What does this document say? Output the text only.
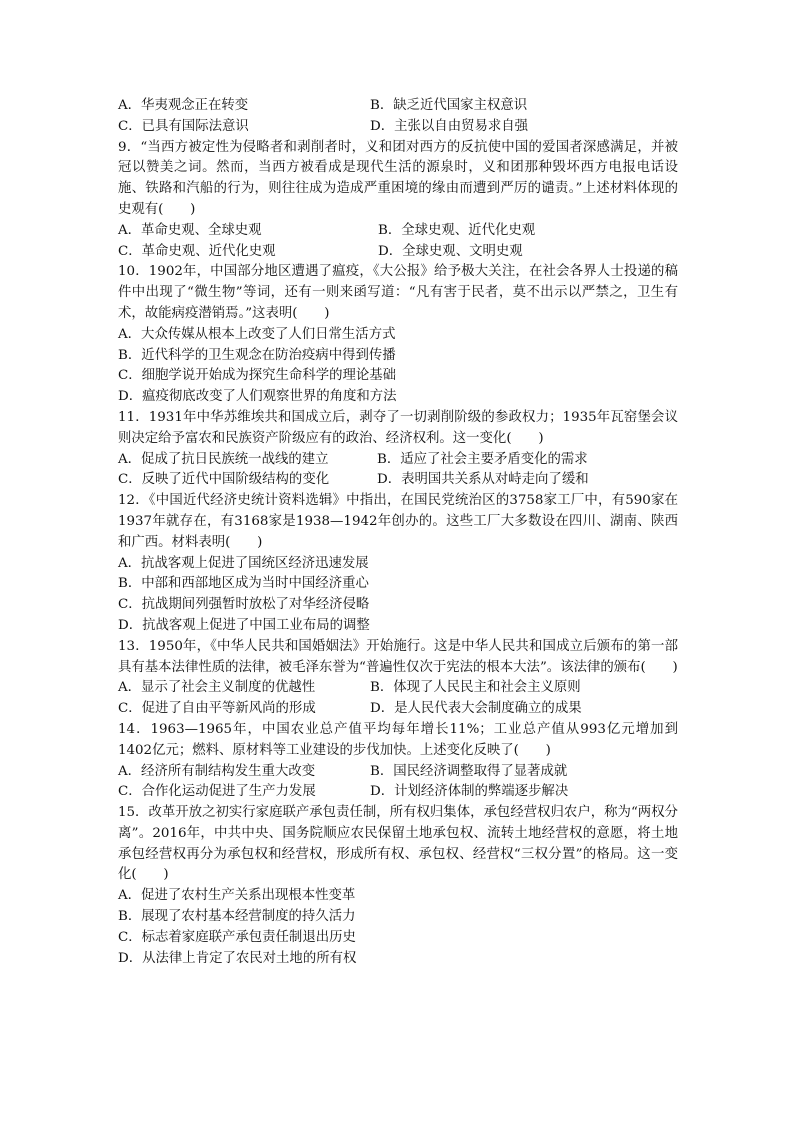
A．华夷观念正在转变	B．缺乏近代国家主权意识
C．已具有国际法意识	D．主张以自由贸易求自强
9．“当西方被定性为侵略者和剥削者时，义和团对西方的反抗使中国的爱国者深感满足，并被冠以赞美之词。然而，当西方被看成是现代生活的源泉时，义和团那种毁坏西方电报电话设施、铁路和汽船的行为，则往往成为造成严重困境的缘由而遭到严厉的谴责。”上述材料体现的史观有(　　)
A．革命史观、全球史观	B．全球史观、近代化史观
C．革命史观、近代化史观	D．全球史观、文明史观
10．1902年，中国部分地区遭遇了瘟疫，《大公报》给予极大关注，在社会各界人士投递的稿件中出现了“微生物”等词，还有一则来函写道：“凡有害于民者，莫不出示以严禁之，卫生有术，故能病疫潜销焉。”这表明(　　)
A．大众传媒从根本上改变了人们日常生活方式
B．近代科学的卫生观念在防治疫病中得到传播
C．细胞学说开始成为探究生命科学的理论基础
D．瘟疫彻底改变了人们观察世界的角度和方法
11．1931年中华苏维埃共和国成立后，剥夺了一切剥削阶级的参政权力；1935年瓦窑堡会议则决定给予富农和民族资产阶级应有的政治、经济权利。这一变化(　　)
A．促成了抗日民族统一战线的建立	B．适应了社会主要矛盾变化的需求
C．反映了近代中国阶级结构的变化	D．表明国共关系从对峙走向了缓和
12．《中国近代经济史统计资料选辑》中指出，在国民党统治区的3758家工厂中，有590家在1937年就存在，有3168家是1938—1942年创办的。这些工厂大多数设在四川、湖南、陕西和广西。材料表明(　　)
A．抗战客观上促进了国统区经济迅速发展
B．中部和西部地区成为当时中国经济重心
C．抗战期间列强暂时放松了对华经济侵略
D．抗战客观上促进了中国工业布局的调整
13．1950年，《中华人民共和国婚姻法》开始施行。这是中华人民共和国成立后颁布的第一部具有基本法律性质的法律，被毛泽东誉为“普遍性仅次于宪法的根本大法”。该法律的颁布(　　)
A．显示了社会主义制度的优越性	B．体现了人民民主和社会主义原则
C．促进了自由平等新风尚的形成	D．是人民代表大会制度确立的成果
14．1963—1965年，中国农业总产值平均每年增长11%；工业总产值从993亿元增加到1402亿元；燃料、原材料等工业建设的步伐加快。上述变化反映了(　　)
A．经济所有制结构发生重大改变	B．国民经济调整取得了显著成就
C．合作化运动促进了生产力发展	D．计划经济体制的弊端逐步解决
15．改革开放之初实行家庭联产承包责任制，所有权归集体，承包经营权归农户，称为“两权分离”。2016年，中共中央、国务院顺应农民保留土地承包权、流转土地经营权的意愿，将土地承包经营权再分为承包权和经营权，形成所有权、承包权、经营权“三权分置”的格局。这一变化(　　)
A．促进了农村生产关系出现根本性变革
B．展现了农村基本经营制度的持久活力
C．标志着家庭联产承包责任制退出历史
D．从法律上肯定了农民对土地的所有权
